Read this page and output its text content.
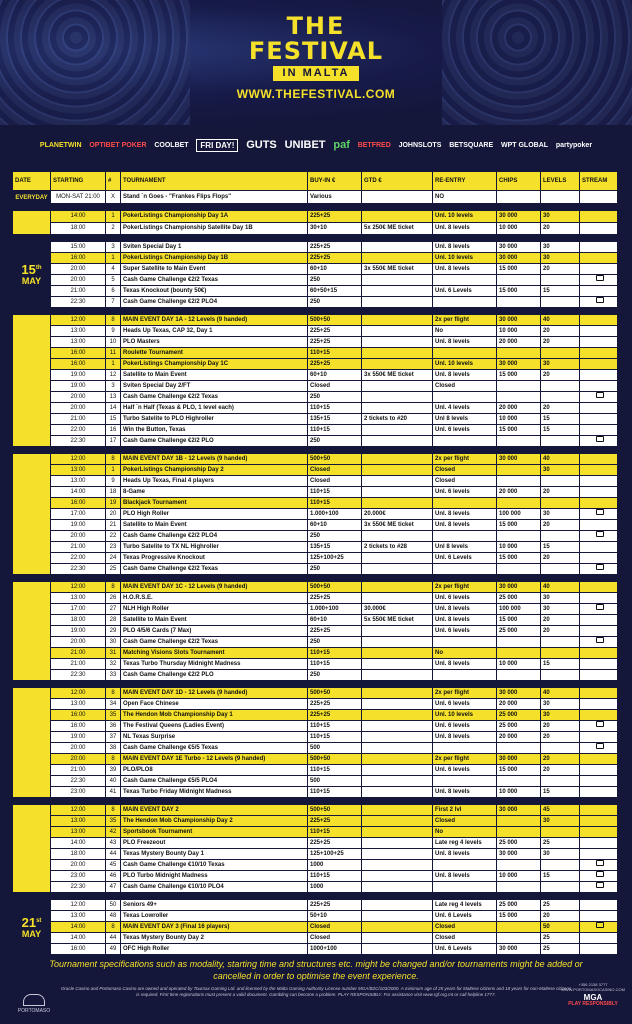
THE
FESTIVAL
IN MALTA
WWW.THEFESTIVAL.COM
PLANETWIN OPTIBET POKER COOLBET	FRI DAY!	GUTS UNIBET paf BETFRED JOHNSLOTS BETSQUARE WPT GLOBAL partypoker
DATE	STARTING	#	TOURNAMENT	BUY-IN €	GTD €	RE-ENTRY	CHIPS	LEVELS	STREAM
EVERYDAY	MON-SAT 21:00	X	Stand ´n Goes - "Frankes Flips Flops"	Various		NO			

14th
MAY	14:00	1	PokerListings Championship Day 1A	225+25		Unl. 10 levels	30 000	30	
	18:00	2	PokerListings Championship Satellite Day 1B	30+10	5x 250€ ME ticket	Unl. 8 levels	10 000	20	

15th
MAY	15:00	3	Sviten Special Day 1	225+25		Unl. 8 levels	30 000	30	
	16:00	1	PokerListings Championship Day 1B	225+25		Unl. 10 levels	30 000	30	
	20:00	4	Super Satellite to Main Event	60+10	3x 550€ ME ticket	Unl. 8 levels	15 000	20	
	20:00	5	Cash Game Challenge €2/2 Texas	250					
	21:00	6	Texas Knockout (bounty 50€)	60+50+15		Unl. 6 Levels	15 000	15	
	22:30	7	Cash Game Challenge €2/2 PLO4	250					

16th
MAY	12:00	8	MAIN EVENT DAY 1A - 12 Levels (9 handed)	500+50		2x per flight	30 000	40	
	13:00	9	Heads Up Texas, CAP 32, Day 1	225+25		No	10 000	20	
	13:00	10	PLO Masters	225+25		Unl. 8 levels	20 000	20	
	16:00	11	Roulette Tournament	110+15					
	16:00	1	PokerListings Championship Day 1C	225+25		Unl. 10 levels	30 000	30	
	19:00	12	Satellite to Main Event	60+10	3x 550€ ME ticket	Unl. 8 levels	15 000	20	
	19:00	3	Sviten Special Day 2/FT	Closed		Closed			
	20:00	13	Cash Game Challenge €2/2 Texas	250					
	20:00	14	Half ´n Half (Texas & PLO, 1 level each)	110+15		Unl. 4 levels	20 000	20	
	21:00	15	Turbo Satelite to PLO Highroller	135+15	2 tickets to #20	Unl 8 levels	10 000	15	
	22:00	16	Win the Button, Texas	110+15		Unl. 6 levels	15 000	15	
	22:30	17	Cash Game Challenge €2/2 PLO	250					

17th
MAY	12:00	8	MAIN EVENT DAY 1B - 12 Levels (9 handed)	500+50		2x per flight	30 000	40	
	13:00	1	PokerListings Championship Day 2	Closed		Closed		30	
	13:00	9	Heads Up Texas, Final 4 players	Closed		Closed			
	14:00	18	8-Game	110+15		Unl. 6 levels	20 000	20	
	16:00	19	Blackjack Tournament	110+15					
	17:00	20	PLO High Roller	1.000+100	20.000€	Unl. 8 levels	100 000	30	
	19:00	21	Satellite to Main Event	60+10	3x 550€ ME ticket	Unl. 8 levels	15 000	20	
	20:00	22	Cash Game Challenge €2/2 PLO4	250					
	21:00	23	Turbo Satelite to TX NL Highroller	135+15	2 tickets to #28	Unl 8 levels	10 000	15	
	22:00	24	Texas Progressive Knockout	125+100+25		Unl. 6 Levels	15 000	20	
	22:30	25	Cash Game Challenge €2/2 Texas	250					

18th
MAY	12:00	8	MAIN EVENT DAY 1C - 12 Levels (9 handed)	500+50		2x per flight	30 000	40	
	13:00	26	H.O.R.S.E.	225+25		Unl. 6 levels	25 000	30	
	17:00	27	NLH High Roller	1.000+100	30.000€	Unl. 8 levels	100 000	30	
	18:00	28	Satellite to Main Event	60+10	5x 550€ ME ticket	Unl. 8 levels	15 000	20	
	19:00	29	PLO 4/5/6 Cards (7 Max)	225+25		Unl. 6 levels	25 000	20	
	20:00	30	Cash Game Challenge €2/2 Texas	250					
	21:00	31	Matching Visions Slots Tournament	110+15		No			
	21:00	32	Texas Turbo Thursday Midnight Madness	110+15		Unl. 8 levels	10 000	15	
	22:30	33	Cash Game Challenge €2/2 PLO	250					

19th
MAY	12:00	8	MAIN EVENT DAY 1D - 12 Levels (9 handed)	500+50		2x per flight	30 000	40	
	13:00	34	Open Face Chinese	225+25		Unl. 6 levels	20 000	30	
	16:00	35	The Hendon Mob Championship Day 1	225+25		Unl. 10 levels	25 000	30	
	16:00	36	The Festival Queens (Ladies Event)	110+15		Unl. 6 levels	25 000	20	
	19:00	37	NL Texas Surprise	110+15		Unl. 8 levels	20 000	20	
	20:00	38	Cash Game Challenge €5/5 Texas	500					
	20:00	8	MAIN EVENT DAY 1E Turbo - 12 Levels (9 handed)	500+50		2x per flight	30 000	20	
	21:00	39	PLO/PLO8	110+15		Unl. 6 levels	15 000	20	
	22:30	40	Cash Game Challenge €5/5 PLO4	500					
	23:00	41	Texas Turbo Friday Midnight Madness	110+15		Unl. 8 levels	10 000	15	

20th
MAY	12:00	8	MAIN EVENT DAY 2	500+50		First 2 lvl	30 000	45	
	13:00	35	The Hendon Mob Championship Day 2	225+25		Closed		30	
	13:00	42	Sportsbook Tournament	110+15		No			
	14:00	43	PLO Freezeout	225+25		Late reg 4 levels	25 000	25	
	18:00	44	Texas Mystery Bounty Day 1	125+100+25		Unl. 8 levels	30 000	30	
	20:00	45	Cash Game Challenge €10/10 Texas	1000					
	23:00	46	PLO Turbo Midnight Madness	110+15		Unl. 8 levels	10 000	15	
	22:30	47	Cash Game Challenge €10/10 PLO4	1000					

21st
MAY	12:00	50	Seniors 49+	225+25		Late reg 4 levels	25 000	25	
	13:00	48	Texas Lowroller	50+10		Unl. 6 Levels	15 000	20	
	14:00	8	MAIN EVENT DAY 3 (Final 16 players)	Closed		Closed		50	
	14:00	44	Texas Mystery Bounty Day 2	Closed		Closed		25	
	16:00	49	OFC High Roller	1000+100		Unl. 6 Levels	30 000	25	
Tournament specifications such as modality, starting time and structures etc. might be changed and/or tournaments might be added or cancelled in order to optimise the event experience.
Oracle Casino and Portomaso Casino are owned and operated by Tournax Gaming Ltd. and licensed by the Malta Gaming Authority License number MGA/B2C/103/2000. A minimum age of 25 years for Maltese citizens and 18 years for non-Maltese citizens is required. First time registrations must present a valid document. Gambling can become a problem. PLAY RESPONSIBLY. For assistance visit www.rgf.org.mt or call helpline 1777.
PORTOMASO
+356 2138 3777
WWW.PORTOMASOCASINO.COM
MGA
PLAY RESPONSIBLY
